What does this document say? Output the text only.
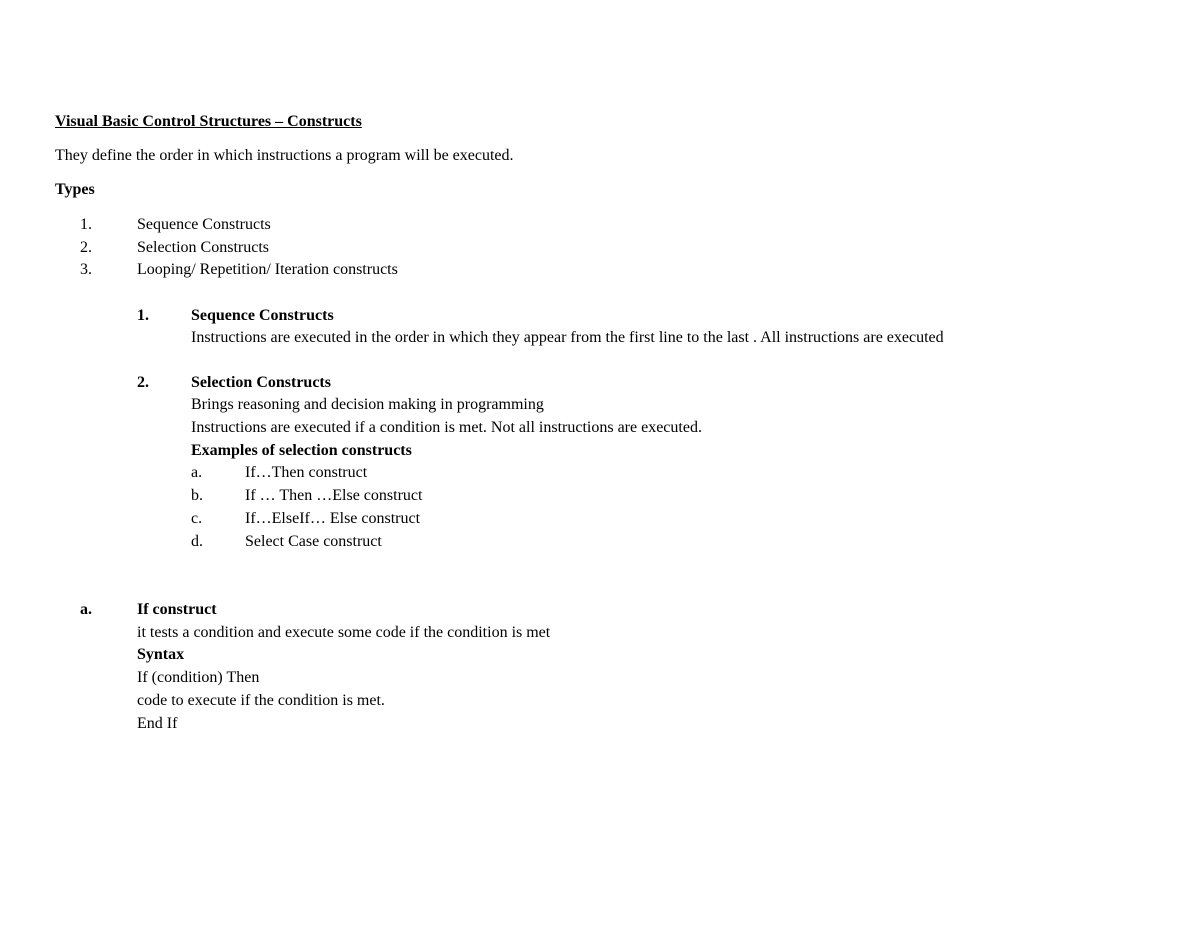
Visual Basic Control Structures – Constructs
They define the order in which instructions a program will be executed.
Types
1.	Sequence Constructs
2.	Selection Constructs
3.	Looping/ Repetition/ Iteration constructs
1.	Sequence Constructs
Instructions are executed in the order in which they appear from the first line to the last . All instructions are executed
2.	Selection Constructs
Brings reasoning and decision making in programming
Instructions are executed if a condition is met. Not all instructions are executed.
Examples of selection constructs
a.	If…Then construct
b.	If … Then …Else construct
c.	If…ElseIf… Else construct
d.	Select Case construct
a.	If construct
it tests a condition and execute some code if the condition is met
Syntax
If (condition) Then
code to execute if the condition is met.
End If
